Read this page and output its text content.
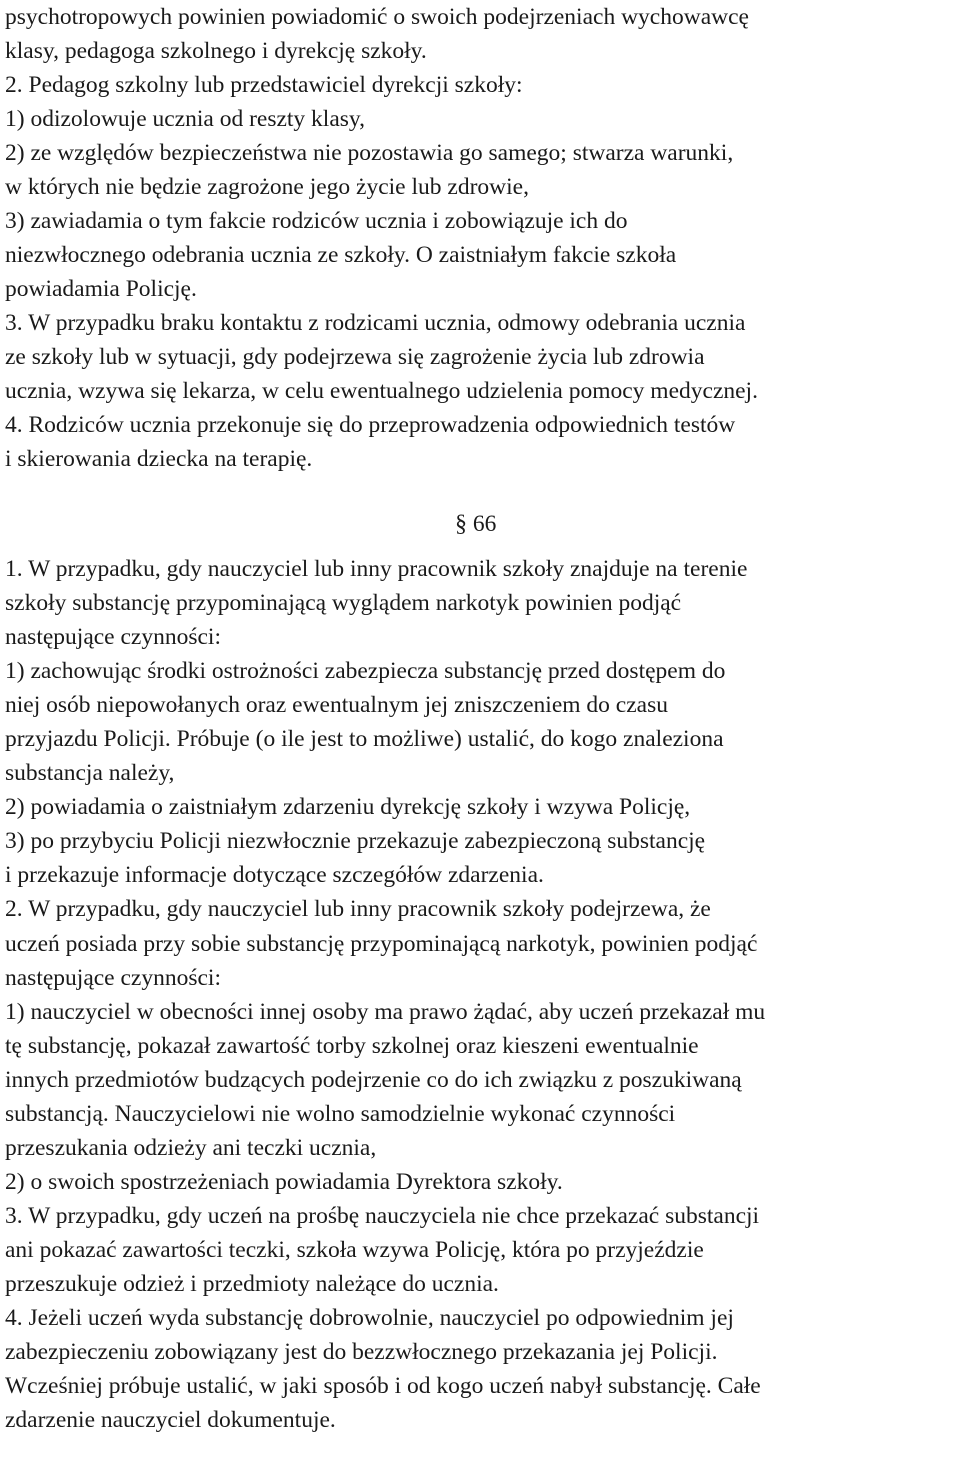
psychotropowych powinien powiadomić o swoich podejrzeniach wychowawcę
klasy, pedagoga szkolnego i dyrekcję szkoły.
2. Pedagog szkolny lub przedstawiciel dyrekcji szkoły:
1) odizolowuje ucznia od reszty klasy,
2) ze względów bezpieczeństwa nie pozostawia go samego; stwarza warunki,
w których nie będzie zagrożone jego życie lub zdrowie,
3) zawiadamia o tym fakcie rodziców ucznia i zobowiązuje ich do
niezwłocznego odebrania ucznia ze szkoły. O zaistniałym fakcie szkoła
powiadamia Policję.
3. W przypadku braku kontaktu z rodzicami ucznia, odmowy odebrania ucznia
ze szkoły lub w sytuacji, gdy podejrzewa się zagrożenie życia lub zdrowia
ucznia, wzywa się lekarza, w celu ewentualnego udzielenia pomocy medycznej.
4. Rodziców ucznia przekonuje się do przeprowadzenia odpowiednich testów
i skierowania dziecka na terapię.
§ 66
1. W przypadku, gdy nauczyciel lub inny pracownik szkoły znajduje na terenie
szkoły substancję przypominającą wyglądem narkotyk powinien podjąć
następujące czynności:
1) zachowując środki ostrożności zabezpiecza substancję przed dostępem do
niej osób niepowołanych oraz ewentualnym jej zniszczeniem do czasu
przyjazdu Policji. Próbuje (o ile jest to możliwe) ustalić, do kogo znaleziona
substancja należy,
2) powiadamia o zaistniałym zdarzeniu dyrekcję szkoły i wzywa Policję,
3) po przybyciu Policji niezwłocznie przekazuje zabezpieczoną substancję
i przekazuje informacje dotyczące szczegółów zdarzenia.
2. W przypadku, gdy nauczyciel lub inny pracownik szkoły podejrzewa, że
uczeń posiada przy sobie substancję przypominającą narkotyk, powinien podjąć
następujące czynności:
1) nauczyciel w obecności innej osoby ma prawo żądać, aby uczeń przekazał mu
tę substancję, pokazał zawartość torby szkolnej oraz kieszeni ewentualnie
innych przedmiotów budzących podejrzenie co do ich związku z poszukiwaną
substancją. Nauczycielowi nie wolno samodzielnie wykonać czynności
przeszukania odzieży ani teczki ucznia,
2) o swoich spostrzeżeniach powiadamia Dyrektora szkoły.
3. W przypadku, gdy uczeń na prośbę nauczyciela nie chce przekazać substancji
ani pokazać zawartości teczki, szkoła wzywa Policję, która po przyjeździe
przeszukuje odzież i przedmioty należące do ucznia.
4. Jeżeli uczeń wyda substancję dobrowolnie, nauczyciel po odpowiednim jej
zabezpieczeniu zobowiązany jest do bezzwłocznego przekazania jej Policji.
Wcześniej próbuje ustalić, w jaki sposób i od kogo uczeń nabył substancję. Całe
zdarzenie nauczyciel dokumentuje.
